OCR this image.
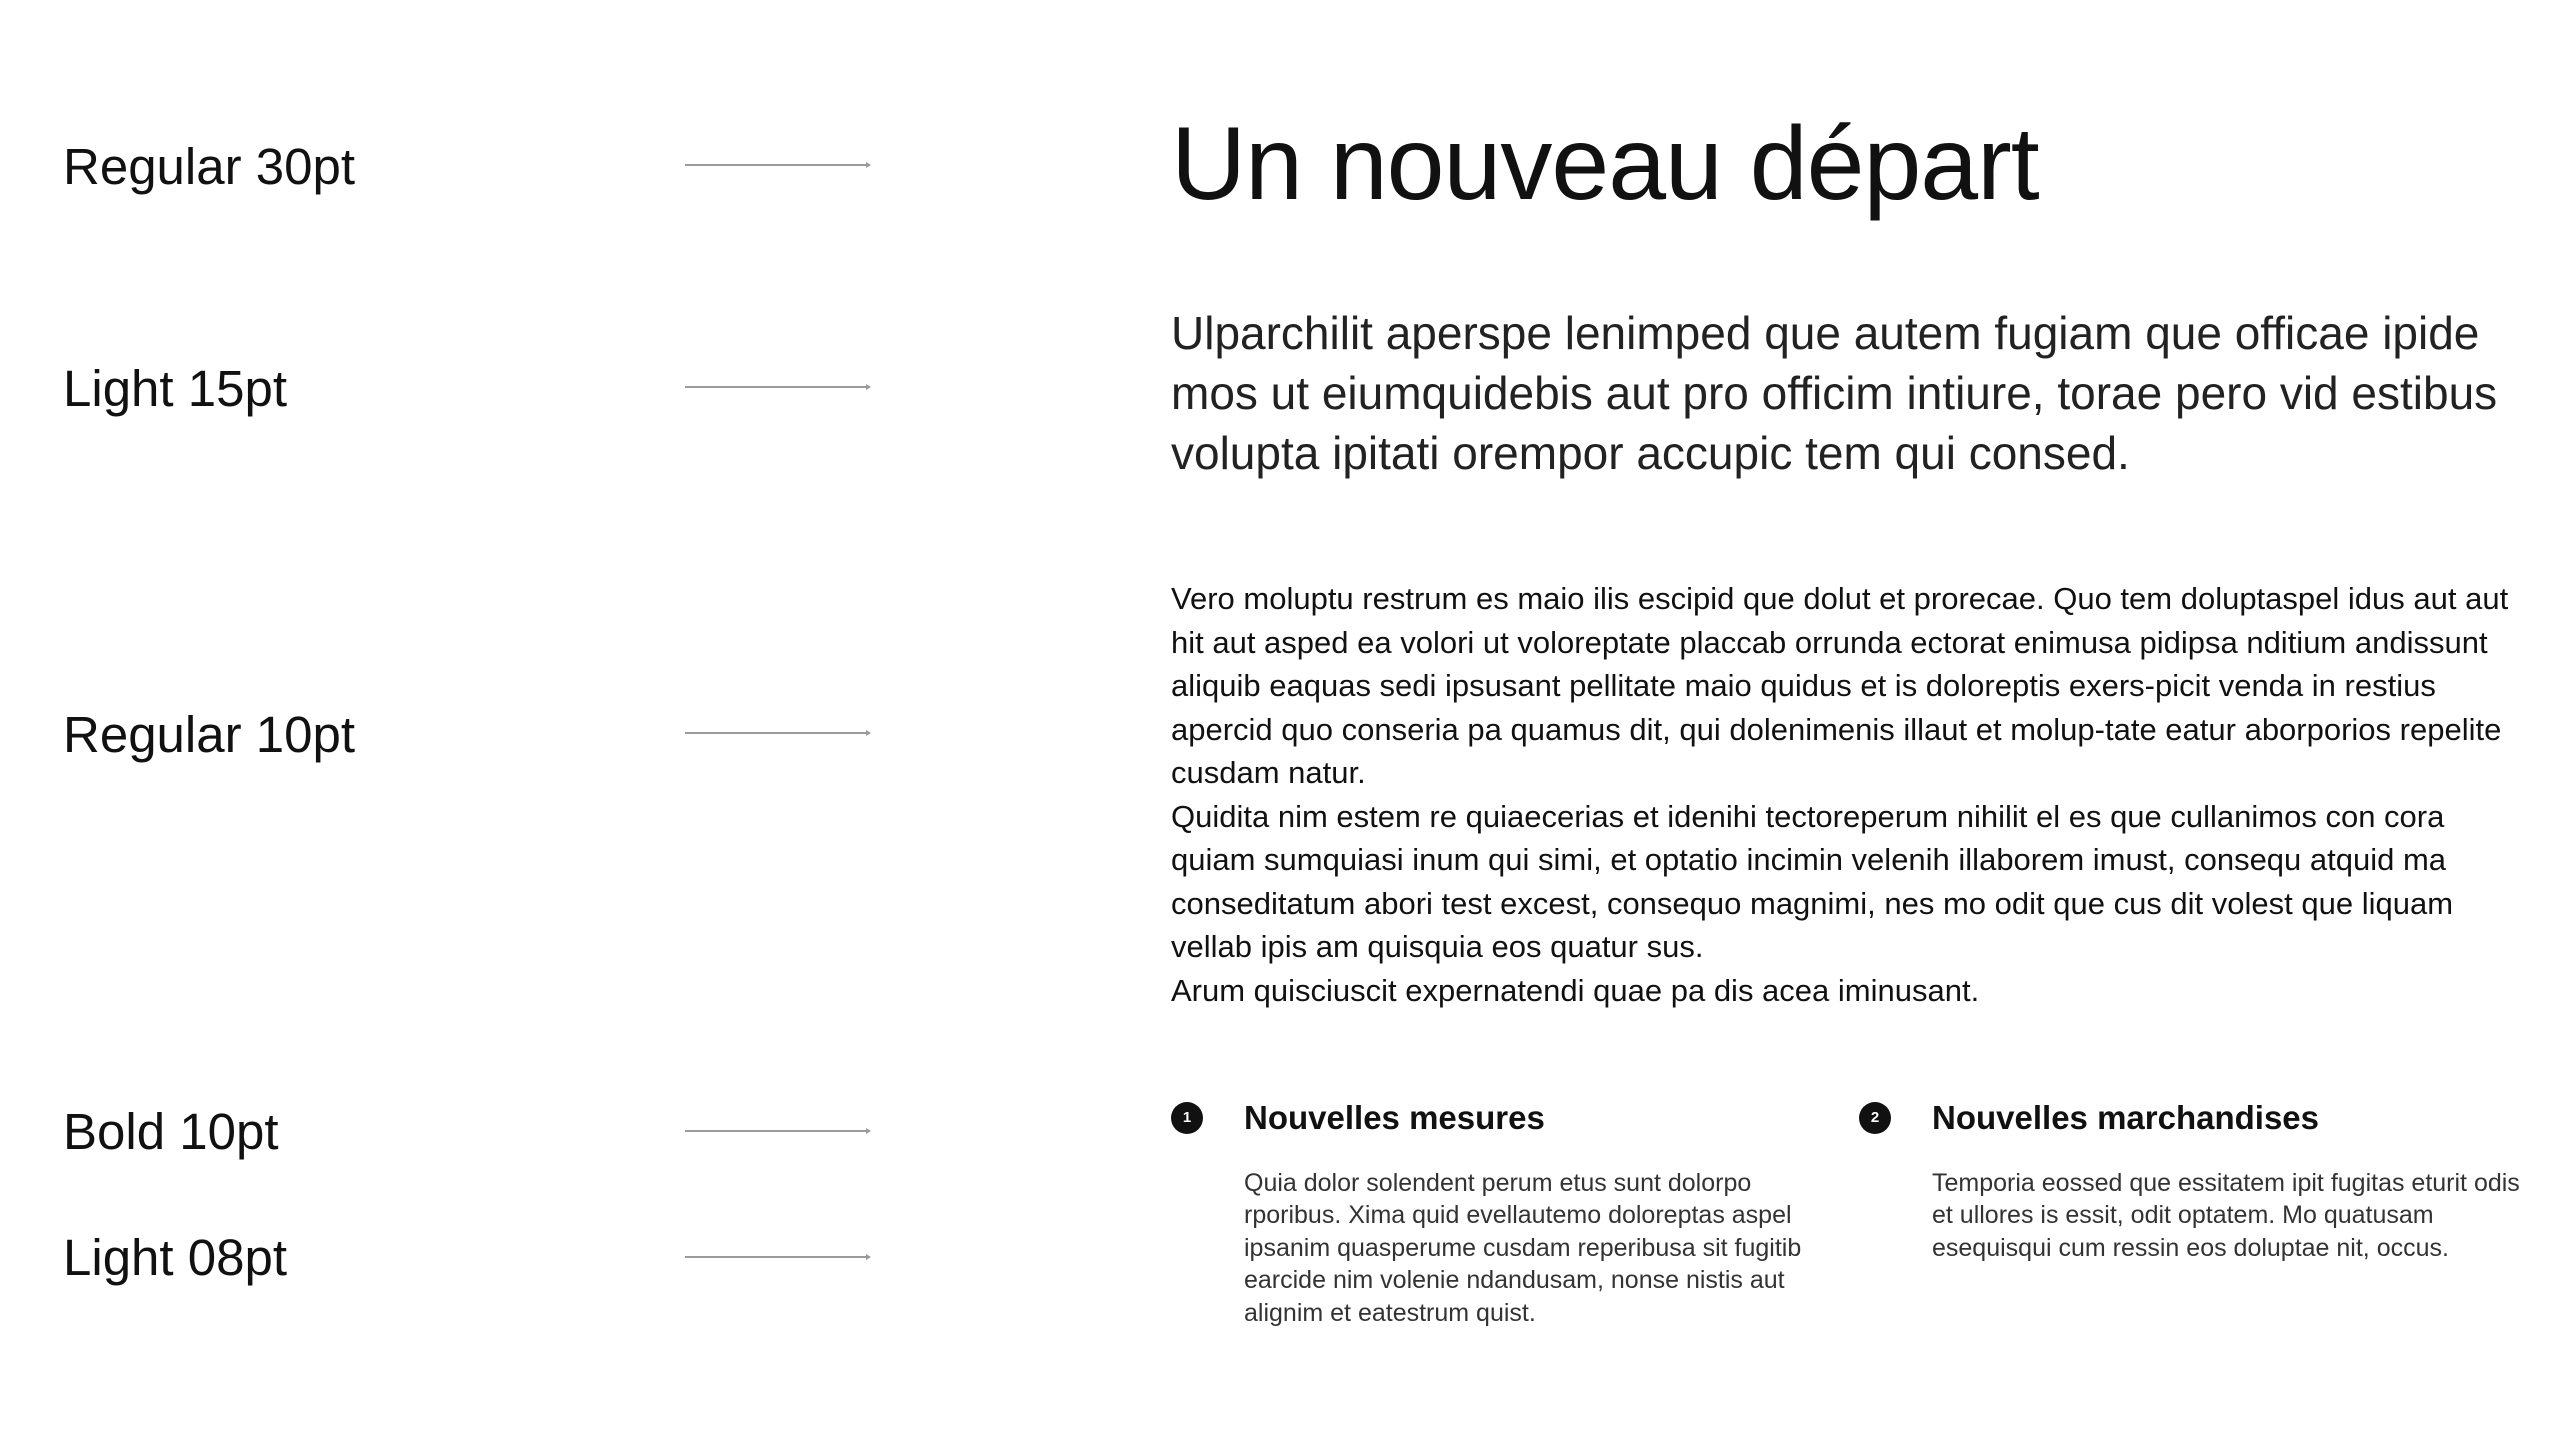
Regular 30pt
Light 15pt
Regular 10pt
Bold 10pt
Light 08pt
Un nouveau départ

Ulparchilit aperspe lenimped que autem fugiam que officae ipide mos ut eiumquidebis aut pro officim intiure, torae pero vid estibus volupta ipitati orempor accupic tem qui consed.

Vero moluptu restrum es maio ilis escipid que dolut et prorecae. Quo tem doluptaspel idus aut aut hit aut asped ea volori ut voloreptate placcab orrunda ectorat enimusa pidipsa nditium andissunt aliquib eaquas sedi ipsusant pellitate maio quidus et is doloreptis exers-picit venda in restius apercid quo conseria pa quamus dit, qui dolenimenis illaut et molup-tate eatur aborporios repelite cusdam natur.

Quidita nim estem re quiaecerias et idenihi tectoreperum nihilit el es que cullanimos con cora quiam sumquiasi inum qui simi, et optatio incimin velenih illaborem imust, consequ atquid ma conseditatum abori test excest, consequo magnimi, nes mo odit que cus dit volest que liquam vellab ipis am quisquia eos quatur sus.

Arum quisciuscit expernatendi quae pa dis acea iminusant.

1	Nouvelles mesures

Quia dolor solendent perum etus sunt dolorpo rporibus. Xima quid evellautemo doloreptas aspel ipsanim quasperume cusdam reperibusa sit fugitib earcide nim volenie ndandusam, nonse nistis aut alignim et eatestrum quist.

2	Nouvelles marchandises

Temporia eossed que essitatem ipit fugitas eturit odis et ullores is essit, odit optatem. Mo quatusam esequisqui cum ressin eos doluptae nit, occus.
